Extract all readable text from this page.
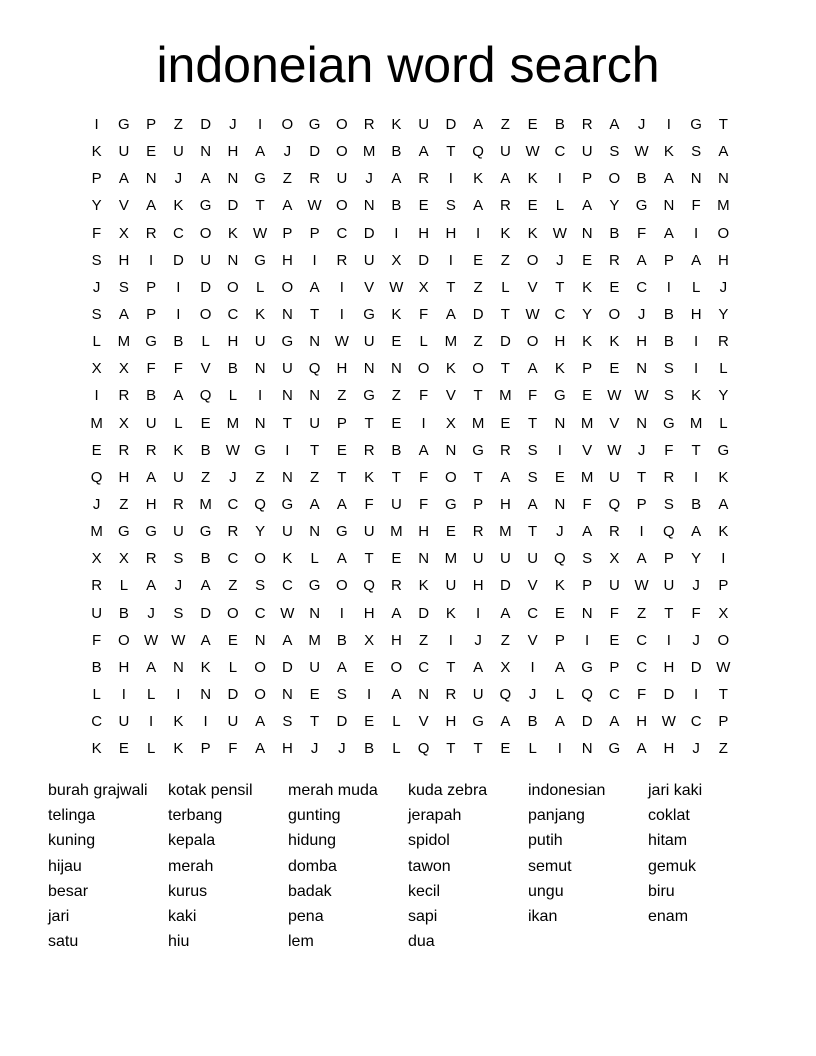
indoneian word search
I	G	P	Z	D	J	I	O	G	O	R	K	U	D	A	Z	E	B	R	A	J	I	G	T
K	U	E	U	N	H	A	J	D	O	M	B	A	T	Q	U W C	U	S	W	K	S	A
P	A	N	J	A	N	G	Z	R	U	J	A	R	I	K	A	K	I	P	O	B	A	N	N
Y	V	A	K	G	D	T	A	W O	N	B	E	S	A	R	E	L	A	Y	G	N	F	M
F	X	R	C	O	K	W	P	P	C	D	I	H	H	I	K	K	W N	B	F	A	I	O
S	H	I	D	U	N	G	H	I	R	U	X	D	I	E	Z	O	J	E	R	A	P	A	H
J	S	P	I	D	O	L	O	A	I	V	W	X	T	Z	L	V	T	K	E	C	I	L	J
S	A	P	I	O	C	K	N	T	I	G	K	F	A	D	T	W C	Y	O	J	B	H	Y
L	M	G	B	L	H	U	G	N W U	E	L	M	Z	D	O	H	K	K	H	B	I	R
X	X	F	F	V	B	N	U	Q	H	N	N	O	K	O	T	A	K	P	E	N	S	I	L
I	R	B	A	Q	L	I	N	N	Z	G	Z	F	V	T	M	F	G	E	W W	S	K	Y
M	X	U	L	E	M	N	T	U	P	T	E	I	X	M	E	T	N	M	V	N	G	M	L
E	R	R	K	B	W G	I	T	E	R	B	A	N	G	R	S	I	V	W	J	F	T	G
Q	H	A	U	Z	J	Z	N	Z	T	K	T	F	O	T	A	S	E	M	U	T	R	I	K
J	Z	H	R	M	C	Q	G	A	A	F	U	F	G	P	H	A	N	F	Q	P	S	B	A
M	G	G	U	G	R	Y	U	N	G	U	M	H	E	R	M	T	J	A	R	I	Q	A	K
X	X	R	S	B	C	O	K	L	A	T	E	N	M	U	U	U	Q	S	X	A	P	Y	I
R	L	A	J	A	Z	S	C	G	O	Q	R	K	U	H	D	V	K	P	U W U	J	P
U	B	J	S	D	O	C W N	I	H	A	D	K	I	A	C	E	N	F	Z	T	F	X
F	O W W	A	E	N	A	M	B	X	H	Z	I	J	Z	V	P	I	E	C	I	J	O
B	H	A	N	K	L	O	D	U	A	E	O	C	T	A	X	I	A	G	P	C	H	D W
L	I	L	I	N	D	O	N	E	S	I	A	N	R	U	Q	J	L	Q	C	F	D	I	T
C	U	I	K	I	U	A	S	T	D	E	L	V	H	G	A	B	A	D	A	H W C	P
K	E	L	K	P	F	A	H	J	J	B	L	Q	T	T	E	L	I	N	G	A	H	J	Z
burah grajwali	kotak pensil	merah muda	kuda zebra	indonesian	jari kaki
telinga	terbang	gunting	jerapah	panjang	coklat
kuning	kepala	hidung	spidol	putih	hitam
hijau	merah	domba	tawon	semut	gemuk
besar	kurus	badak	kecil	ungu	biru
jari	kaki	pena	sapi	ikan	enam
satu	hiu	lem	dua
